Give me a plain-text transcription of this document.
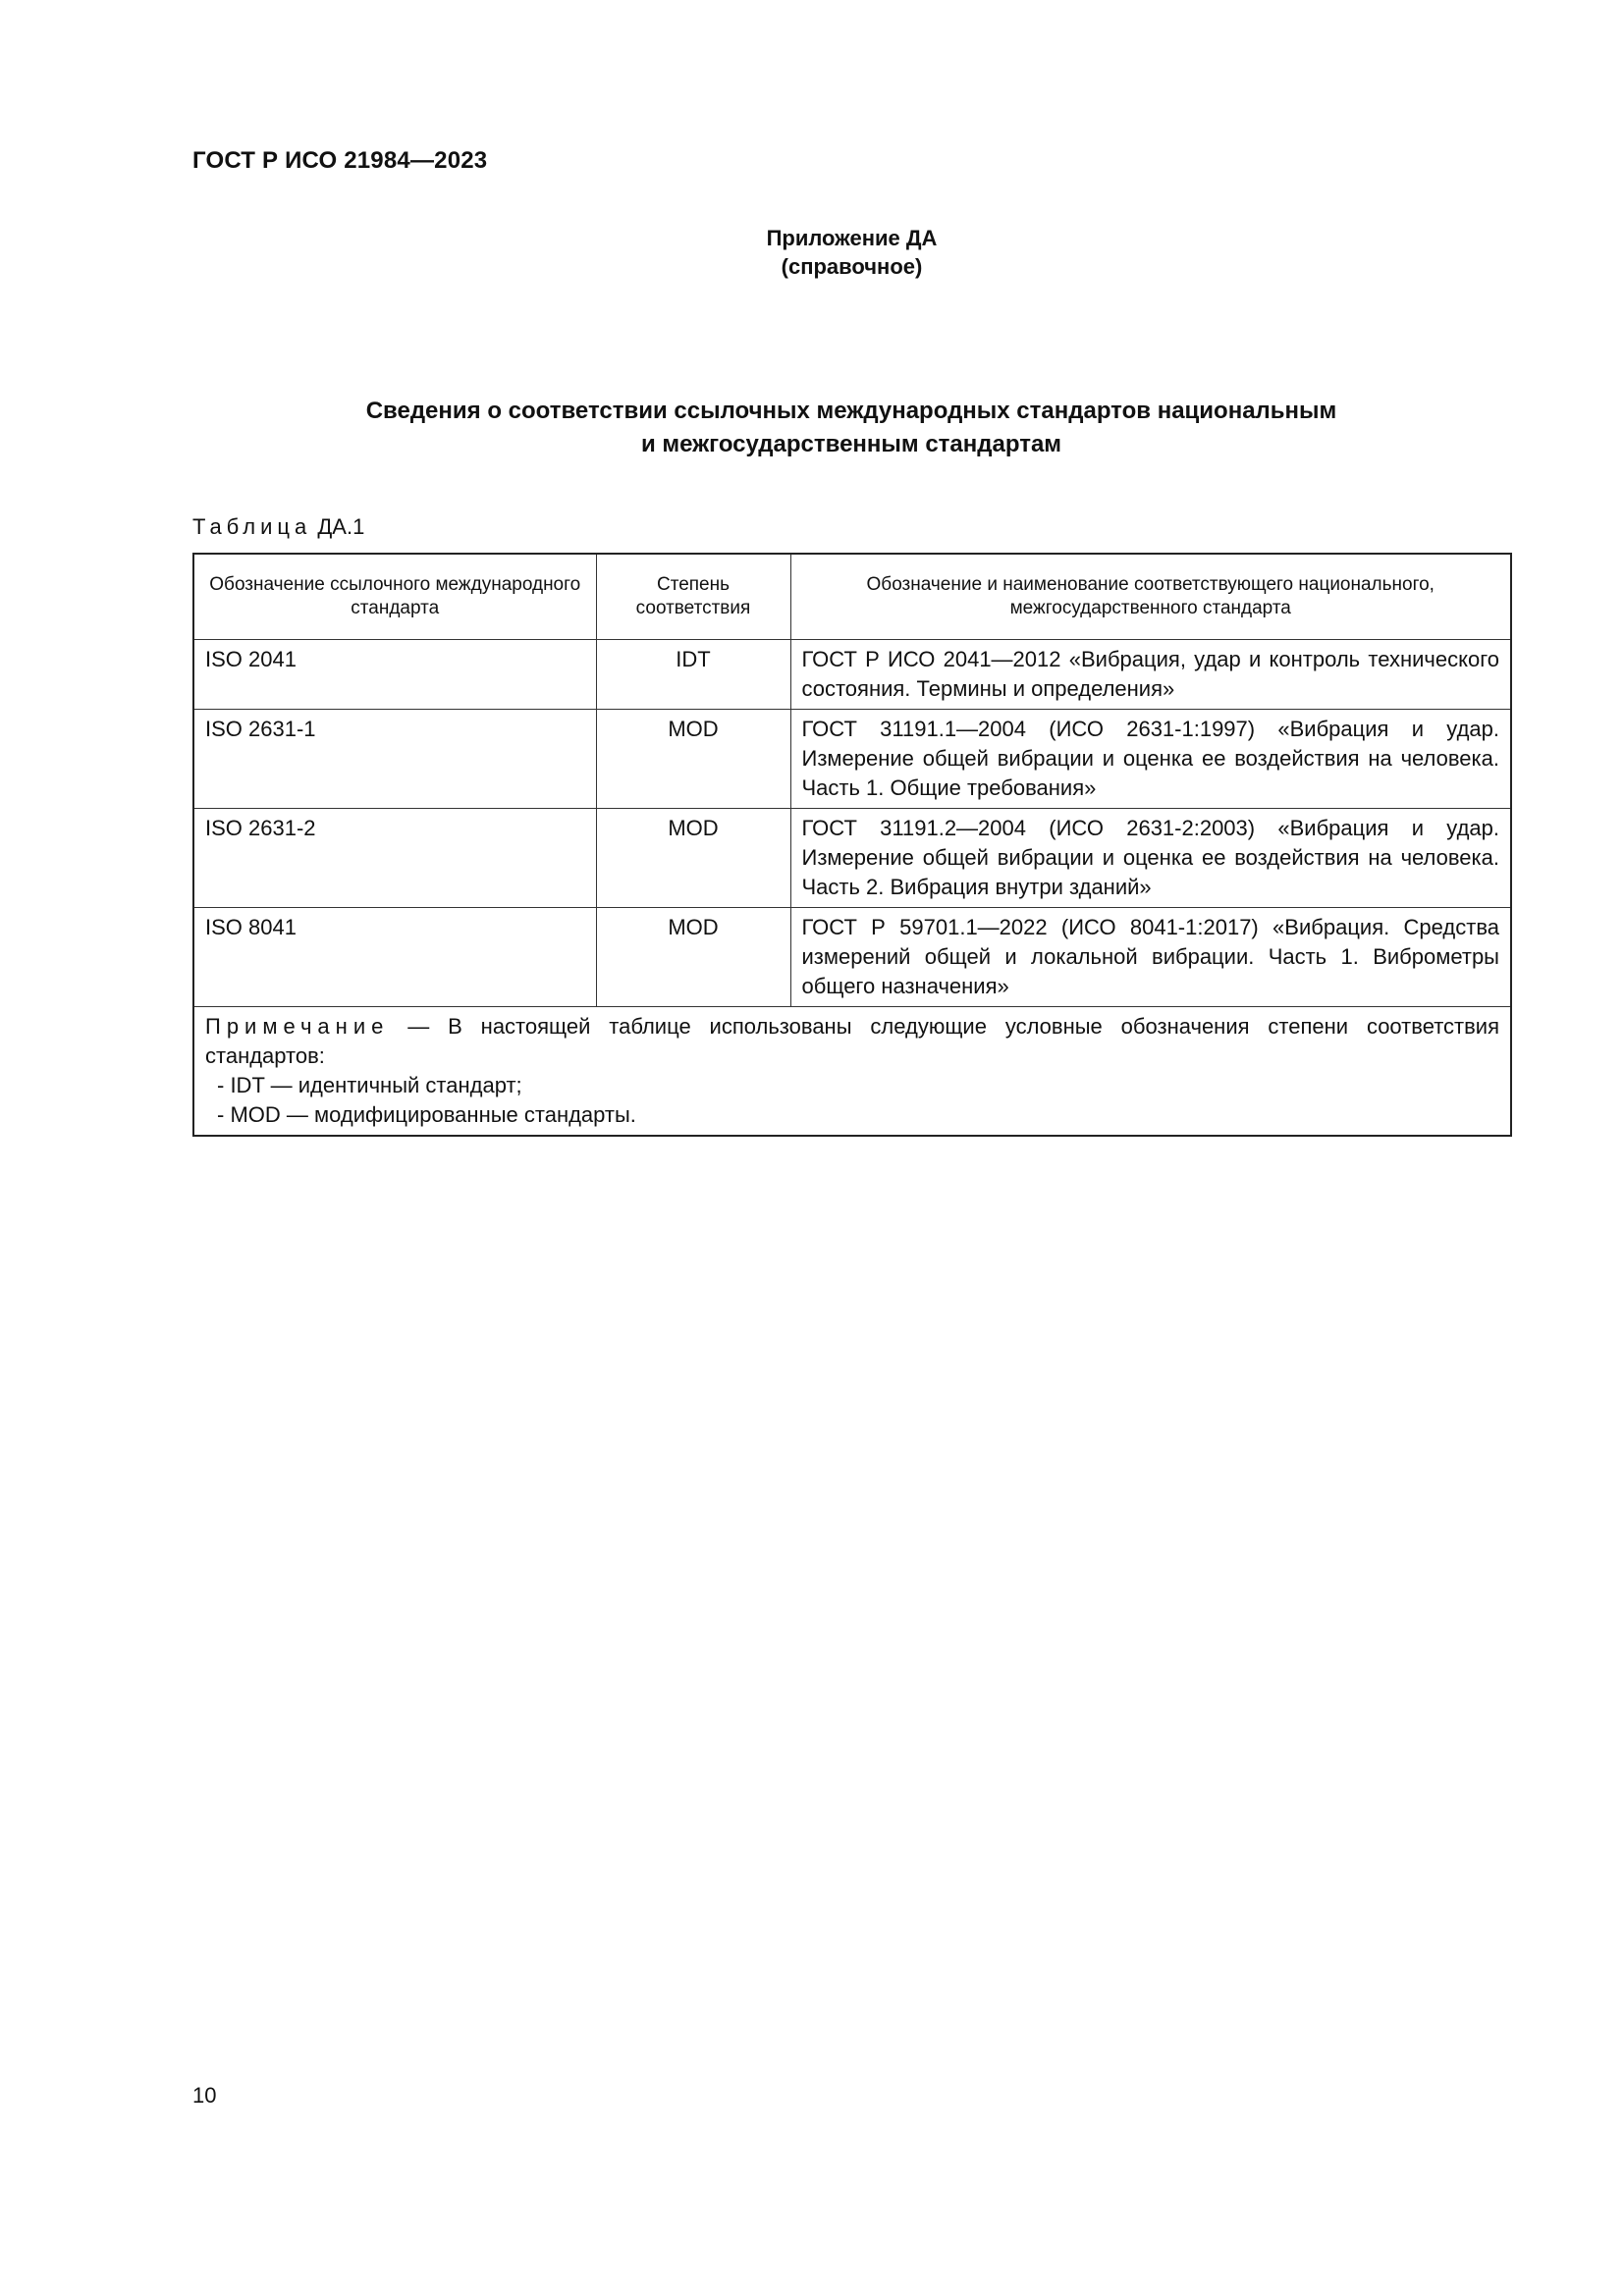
ГОСТ Р ИСО 21984—2023
Приложение ДА
(справочное)
Сведения о соответствии ссылочных международных стандартов национальным
и межгосударственным стандартам
Таблица ДА.1
Обозначение ссылочного международного стандарта	Степень соответствия	Обозначение и наименование соответствующего национального, межгосударственного стандарта
ISO 2041	IDT	ГОСТ Р ИСО 2041—2012 «Вибрация, удар и контроль технического состояния. Термины и определения»
ISO 2631-1	MOD	ГОСТ 31191.1—2004 (ИСО 2631-1:1997) «Вибрация и удар. Измерение общей вибрации и оценка ее воздействия на человека. Часть 1. Общие требования»
ISO 2631-2	MOD	ГОСТ 31191.2—2004 (ИСО 2631-2:2003) «Вибрация и удар. Измерение общей вибрации и оценка ее воздействия на человека. Часть 2. Вибрация внутри зданий»
ISO 8041	MOD	ГОСТ Р 59701.1—2022 (ИСО 8041-1:2017) «Вибрация. Средства измерений общей и локальной вибрации. Часть 1. Виброметры общего назначения»
Примечание — В настоящей таблице использованы следующие условные обозначения степени соответствия стандартов:
- IDT — идентичный стандарт;
- MOD — модифицированные стандарты.		
10
